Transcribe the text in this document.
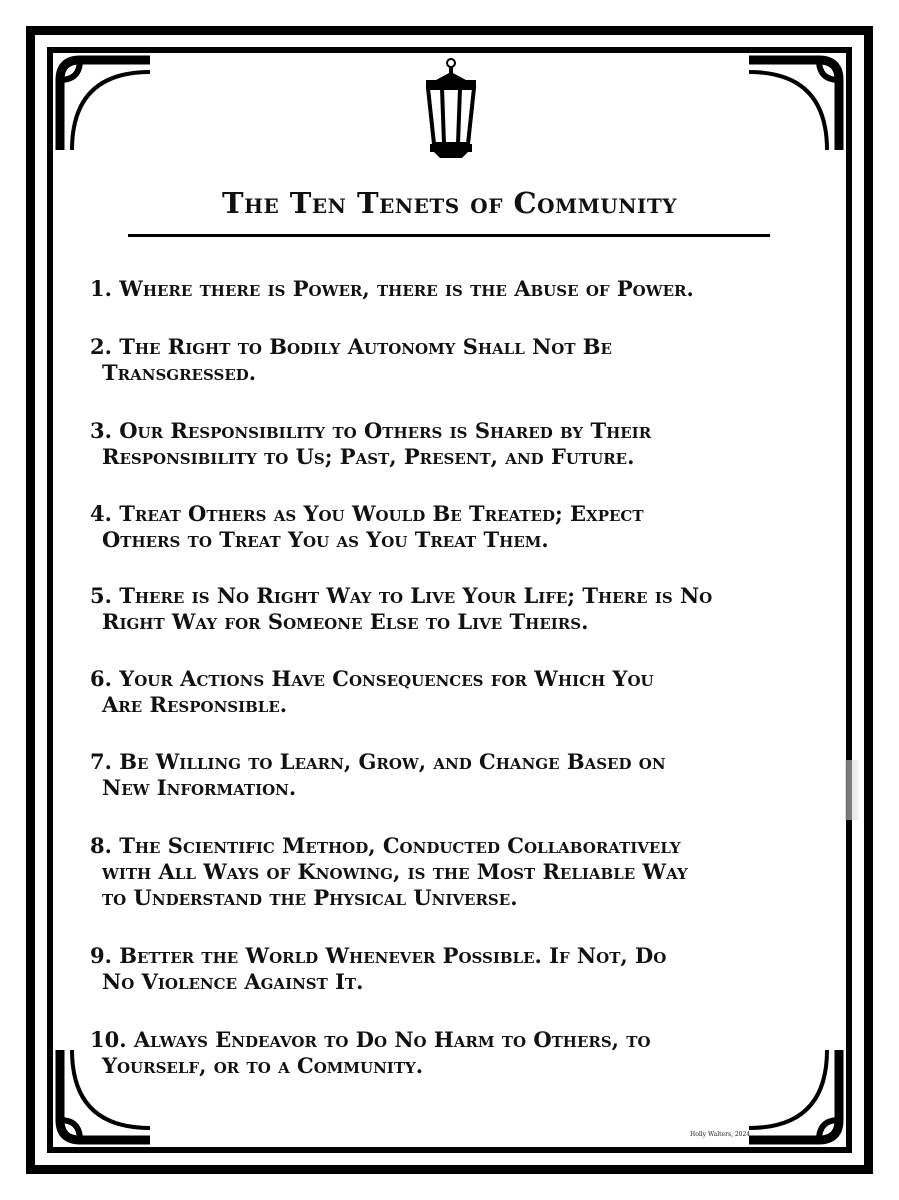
The Ten Tenets of Community
1. Where there is Power, there is the Abuse of Power.
2. The Right to Bodily Autonomy Shall Not Be
Transgressed.
3. Our Responsibility to Others is Shared by Their
Responsibility to Us; Past, Present, and Future.
4. Treat Others as You Would Be Treated; Expect
Others to Treat You as You Treat Them.
5. There is No Right Way to Live Your Life; There is No
Right Way for Someone Else to Live Theirs.
6. Your Actions Have Consequences for Which You
Are Responsible.
7. Be Willing to Learn, Grow, and Change Based on
New Information.
8. The Scientific Method, Conducted Collaboratively
with All Ways of Knowing, is the Most Reliable Way
to Understand the Physical Universe.
9. Better the World Whenever Possible. If Not, Do
No Violence Against It.
10. Always Endeavor to Do No Harm to Others, to
Yourself, or to a Community.
Holly Walters, 2024
